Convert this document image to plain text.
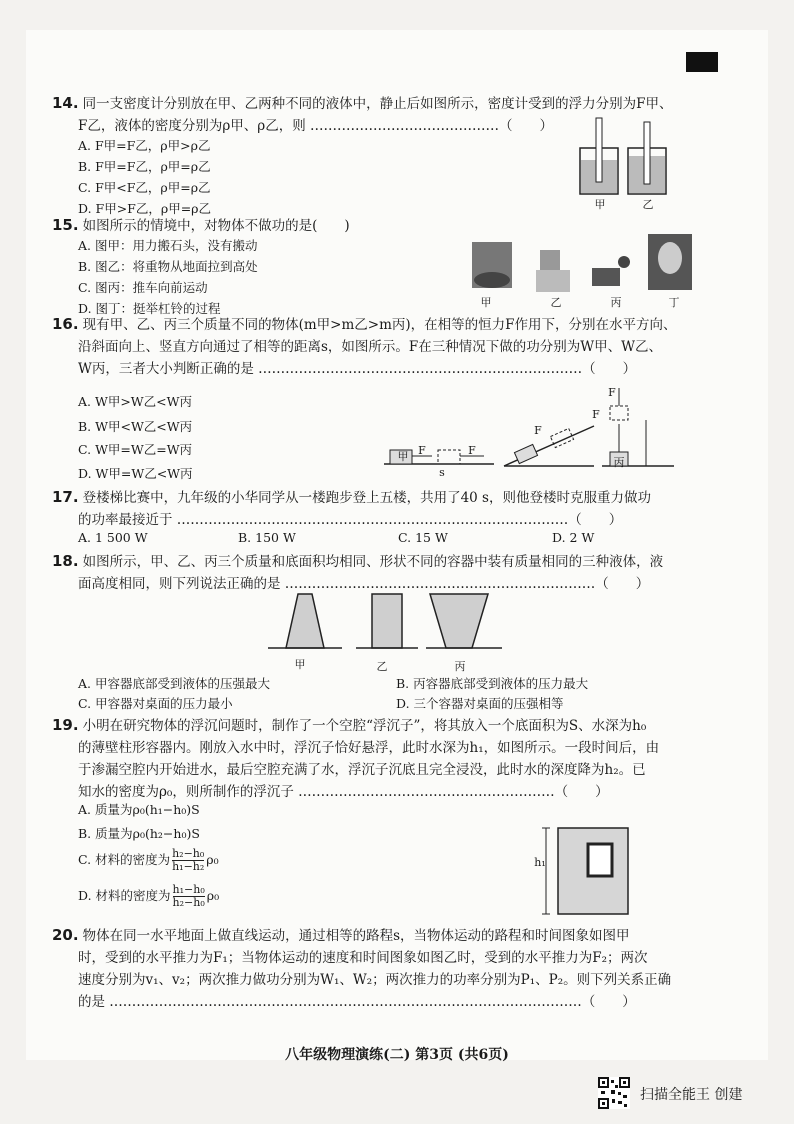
14. 同一支密度计分别放在甲、乙两种不同的液体中，静止后如图所示，密度计受到的浮力分别为F甲、
F乙，液体的密度分别为ρ甲、ρ乙，则 ……………………………………（　　）
A. F甲=F乙，ρ甲>ρ乙
B. F甲=F乙，ρ甲=ρ乙
C. F甲<F乙，ρ甲=ρ乙
D. F甲>F乙，ρ甲=ρ乙	甲	乙
15. 如图所示的情境中，对物体不做功的是(　　)
A. 图甲：用力搬石头，没有搬动
B. 图乙：将重物从地面拉到高处
C. 图丙：推车向前运动
D. 图丁：挺举杠铃的过程	甲	乙	丙	丁
16. 现有甲、乙、丙三个质量不同的物体(m甲>m乙>m丙)，在相等的恒力F作用下，分别在水平方向、
沿斜面向上、竖直方向通过了相等的距离s，如图所示。F在三种情况下做的功分别为W甲、W乙、
W丙，三者大小判断正确的是 ………………………………………………………………（　　）
A. W甲>W乙<W丙
B. W甲<W乙<W丙
C. W甲=W乙=W丙
D. W甲=W乙<W丙
甲 F	F
s
F
F
F
丙
17. 登楼梯比赛中，九年级的小华同学从一楼跑步登上五楼，共用了40 s，则他登楼时克服重力做功
的功率最接近于 ……………………………………………………………………………（　　）
A. 1 500 W	B. 150 W	C. 15 W	D. 2 W
18. 如图所示，甲、乙、丙三个质量和底面积均相同、形状不同的容器中装有质量相同的三种液体，液
面高度相同，则下列说法正确的是 ……………………………………………………………（　　）
甲	乙	丙
A. 甲容器底部受到液体的压强最大	B. 丙容器底部受到液体的压力最大
C. 甲容器对桌面的压力最小	D. 三个容器对桌面的压强相等
19. 小明在研究物体的浮沉问题时，制作了一个空腔“浮沉子”，将其放入一个底面积为S、水深为h₀
的薄壁柱形容器内。刚放入水中时，浮沉子恰好悬浮，此时水深为h₁，如图所示。一段时间后，由
于渗漏空腔内开始进水，最后空腔充满了水，浮沉子沉底且完全浸没，此时水的深度降为h₂。已
知水的密度为ρ₀，则所制作的浮沉子 …………………………………………………（　　）
A. 质量为ρ₀(h₁−h₀)S
B. 质量为ρ₀(h₂−h₀)S
C. 材料的密度为 $\frac{\text{h₂−h₀}}{\text{h₁−h₂}} \rho_0$
D. 材料的密度为 $\frac{\text{h₁−h₀}}{\text{h₂−h₀}} \rho_0$
h₁
20. 物体在同一水平地面上做直线运动，通过相等的路程s，当物体运动的路程和时间图象如图甲
时，受到的水平推力为F₁；当物体运动的速度和时间图象如图乙时，受到的水平推力为F₂；两次
速度分别为v₁、v₂；两次推力做功分别为W₁、W₂；两次推力的功率分别为P₁、P₂。则下列关系正确
的是 ……………………………………………………………………………………………（　　）
八年级物理演练(二) 第3页 (共6页)
扫描全能王 创建
